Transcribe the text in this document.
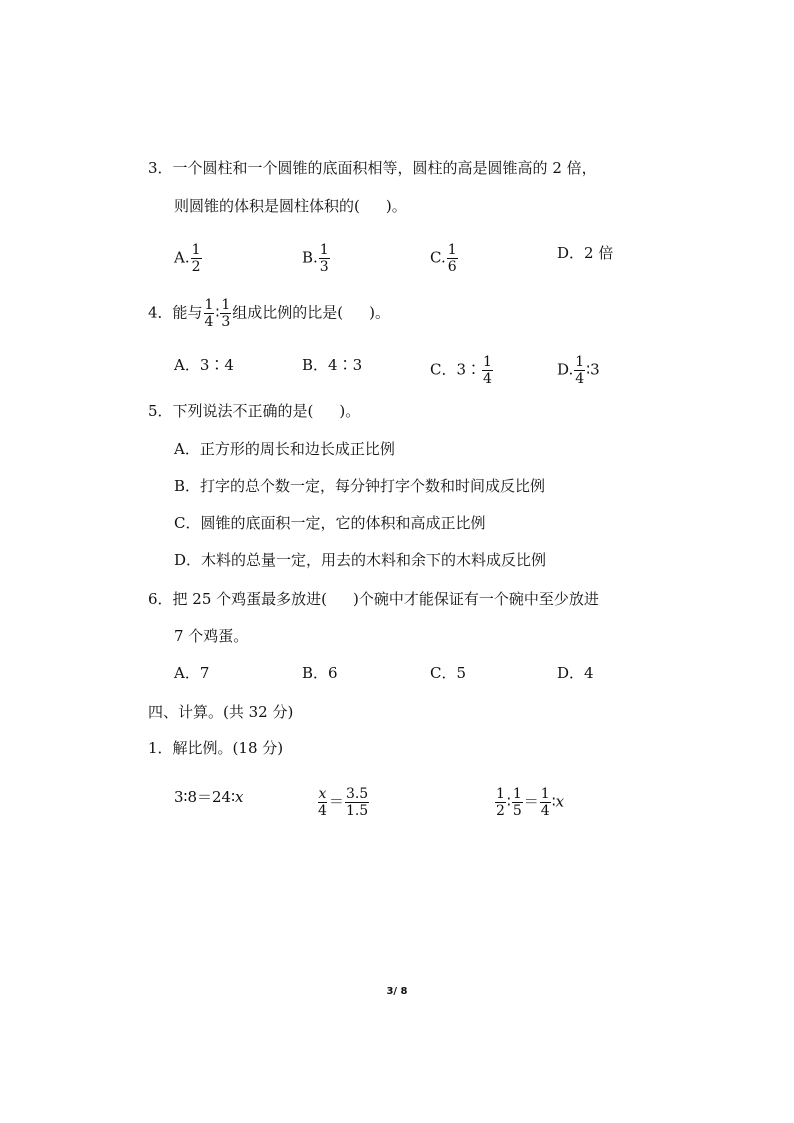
3．一个圆柱和一个圆锥的底面积相等，圆柱的高是圆锥高的 2 倍，
则圆锥的体积是圆柱体积的( )。
A. $\frac{1}{2}$	B. $\frac{1}{3}$	C. $\frac{1}{6}$	D．2 倍
4．能与 $\frac{1}{4}$ ∶ $\frac{1}{3}$ 组成比例的比是( )。
A．3∶4	B．4∶3	C．3∶ $\frac{1}{4}$	D. $\frac{1}{4}$ ∶3
5．下列说法不正确的是( )。
A．正方形的周长和边长成正比例
B．打字的总个数一定，每分钟打字个数和时间成反比例
C．圆锥的底面积一定，它的体积和高成正比例
D．木料的总量一定，用去的木料和余下的木料成反比例
6．把 25 个鸡蛋最多放进( )个碗中才能保证有一个碗中至少放进
7 个鸡蛋。
A．7	B．6	C．5	D．4
四、计算。(共 32 分)
1．解比例。(18 分)
3∶8＝24∶x	$\frac{x}{4} = \frac{3.5}{1.5}$	$\frac{1}{2}$ ∶ $\frac{1}{5} = \frac{1}{4}$ ∶x
3/ 8
